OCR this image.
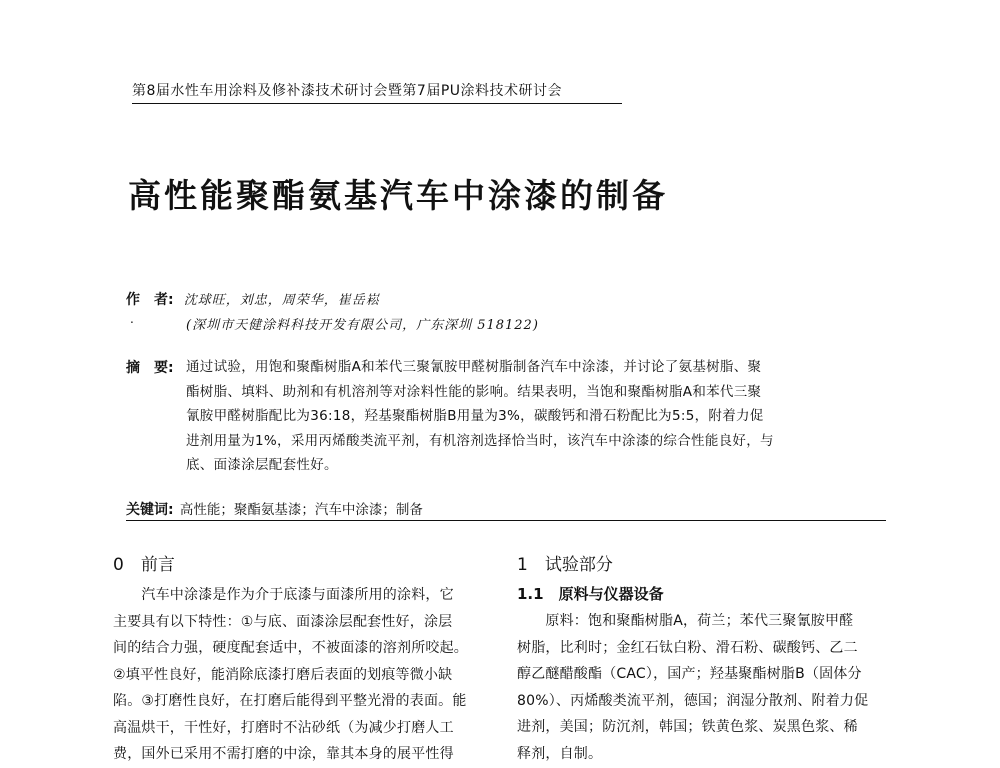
第8届水性车用涂料及修补漆技术研讨会暨第7届PU涂料技术研讨会
高性能聚酯氨基汽车中涂漆的制备
作　者: 沈球旺，刘忠，周荣华，崔岳崧
.	(深圳市天健涂料科技开发有限公司，广东深圳 518122)
摘　要: 通过试验，用饱和聚酯树脂A和苯代三聚氰胺甲醛树脂制备汽车中涂漆，并讨论了氨基树脂、聚
酯树脂、填料、助剂和有机溶剂等对涂料性能的影响。结果表明，当饱和聚酯树脂A和苯代三聚
氰胺甲醛树脂配比为36:18，羟基聚酯树脂B用量为3%，碳酸钙和滑石粉配比为5:5，附着力促
进剂用量为1%，采用丙烯酸类流平剂，有机溶剂选择恰当时，该汽车中涂漆的综合性能良好，与
底、面漆涂层配套性好。
关键词: 高性能；聚酯氨基漆；汽车中涂漆；制备
0　前言
　　汽车中涂漆是作为介于底漆与面漆所用的涂料，它
主要具有以下特性：①与底、面漆涂层配套性好，涂层
间的结合力强，硬度配套适中，不被面漆的溶剂所咬起。
②填平性良好，能消除底漆打磨后表面的划痕等微小缺
陷。③打磨性良好，在打磨后能得到平整光滑的表面。能
高温烘干，干性好，打磨时不沾砂纸（为减少打磨人工
费，国外已采用不需打磨的中涂，靠其本身的展平性得
1　试验部分
1.1　原料与仪器设备
　　原料：饱和聚酯树脂A，荷兰；苯代三聚氰胺甲醛
树脂，比利时；金红石钛白粉、滑石粉、碳酸钙、乙二
醇乙醚醋酸酯（CAC），国产；羟基聚酯树脂B（固体分
80%）、丙烯酸类流平剂，德国；润湿分散剂、附着力促
进剂，美国；防沉剂，韩国；铁黄色浆、炭黑色浆、稀
释剂，自制。
